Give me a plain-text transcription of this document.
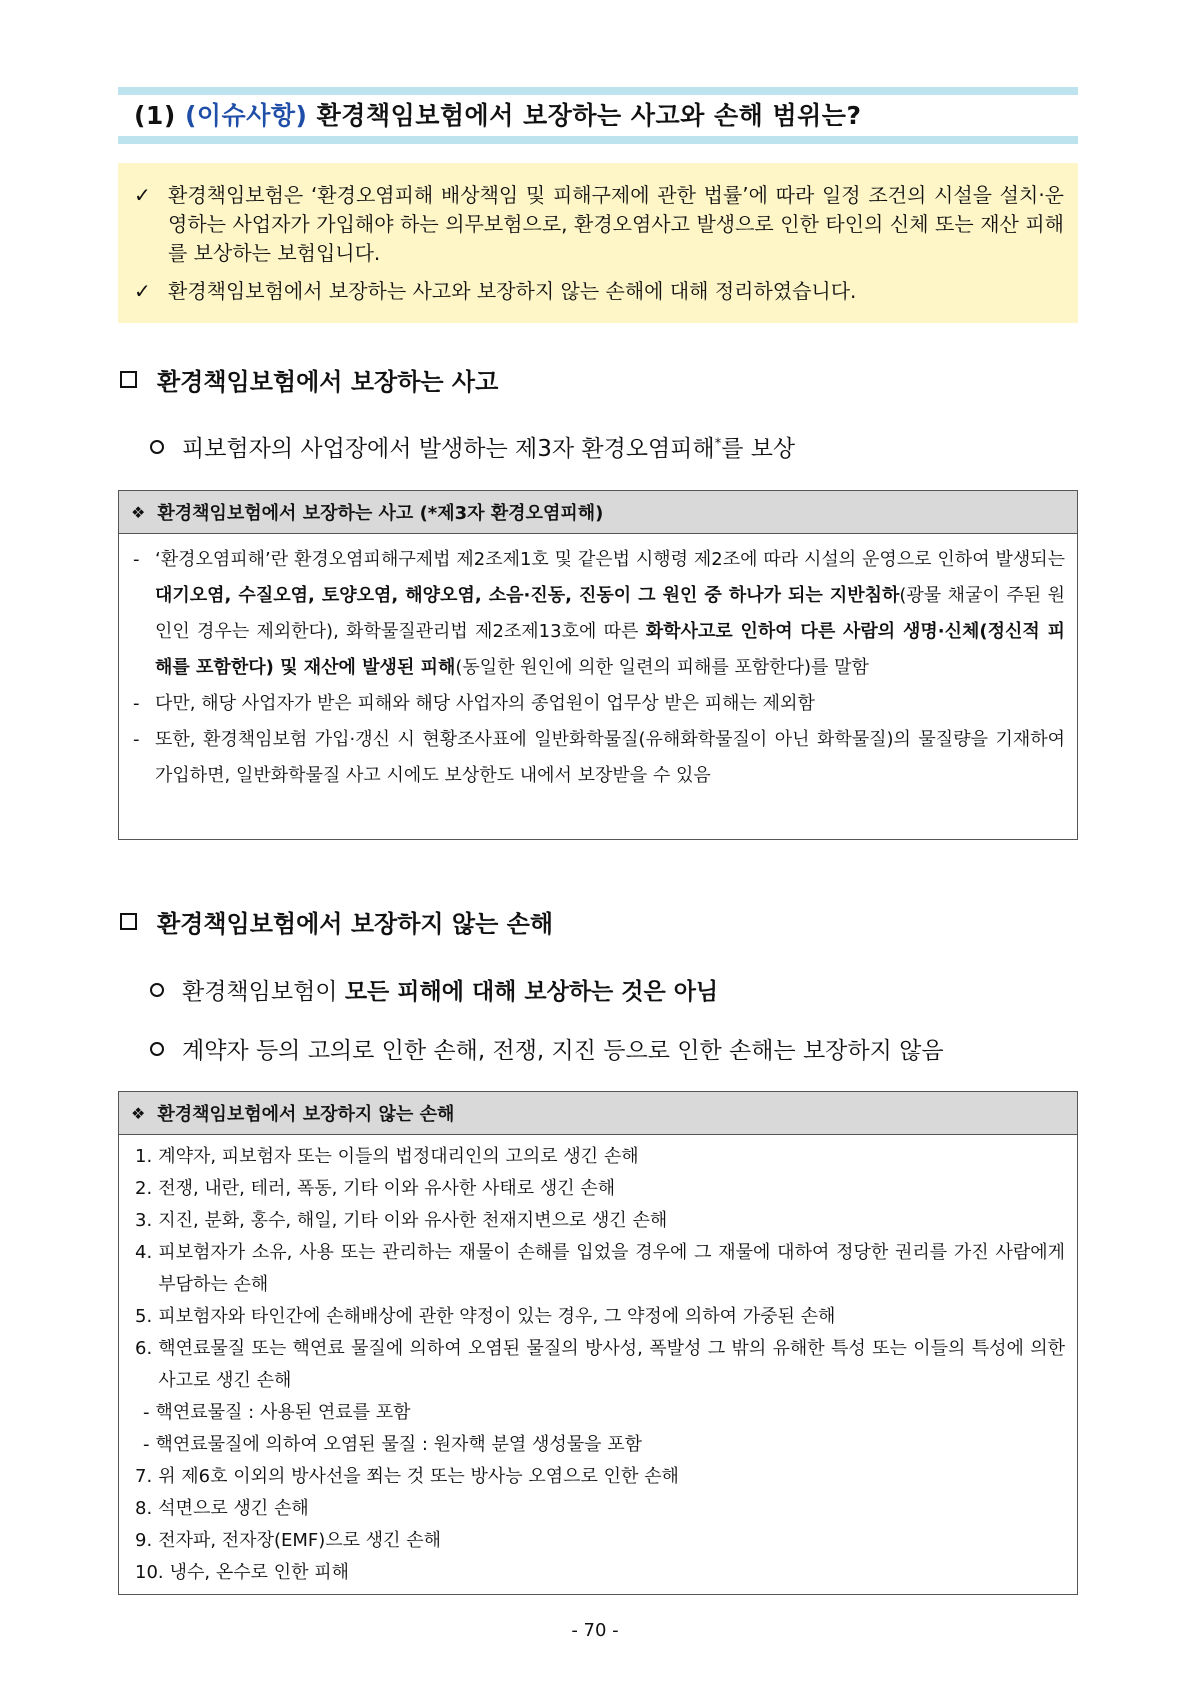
(1) (이슈사항) 환경책임보험에서 보장하는 사고와 손해 범위는?
✓ 환경책임보험은 ‘환경오염피해 배상책임 및 피해구제에 관한 법률’에 따라 일정 조건의 시설을 설치·운영하는 사업자가 가입해야 하는 의무보험으로, 환경오염사고 발생으로 인한 타인의 신체 또는 재산 피해를 보상하는 보험입니다.
✓ 환경책임보험에서 보장하는 사고와 보장하지 않는 손해에 대해 정리하였습니다.
환경책임보험에서 보장하는 사고
피보험자의 사업장에서 발생하는 제3자 환경오염피해*를 보상
❖ 환경책임보험에서 보장하는 사고 (*제3자 환경오염피해)
- ‘환경오염피해’란 환경오염피해구제법 제2조제1호 및 같은법 시행령 제2조에 따라 시설의 운영으로 인하여 발생되는 대기오염, 수질오염, 토양오염, 해양오염, 소음·진동, 진동이 그 원인 중 하나가 되는 지반침하(광물 채굴이 주된 원인인 경우는 제외한다), 화학물질관리법 제2조제13호에 따른 화학사고로 인하여 다른 사람의 생명·신체(정신적 피해를 포함한다) 및 재산에 발생된 피해(동일한 원인에 의한 일련의 피해를 포함한다)를 말함
- 다만, 해당 사업자가 받은 피해와 해당 사업자의 종업원이 업무상 받은 피해는 제외함
- 또한, 환경책임보험 가입·갱신 시 현황조사표에 일반화학물질(유해화학물질이 아닌 화학물질)의 물질량을 기재하여 가입하면, 일반화학물질 사고 시에도 보상한도 내에서 보장받을 수 있음
환경책임보험에서 보장하지 않는 손해
환경책임보험이 모든 피해에 대해 보상하는 것은 아님
계약자 등의 고의로 인한 손해, 전쟁, 지진 등으로 인한 손해는 보장하지 않음
❖ 환경책임보험에서 보장하지 않는 손해
1. 계약자, 피보험자 또는 이들의 법정대리인의 고의로 생긴 손해
2. 전쟁, 내란, 테러, 폭동, 기타 이와 유사한 사태로 생긴 손해
3. 지진, 분화, 홍수, 해일, 기타 이와 유사한 천재지변으로 생긴 손해
4. 피보험자가 소유, 사용 또는 관리하는 재물이 손해를 입었을 경우에 그 재물에 대하여 정당한 권리를 가진 사람에게 부담하는 손해
5. 피보험자와 타인간에 손해배상에 관한 약정이 있는 경우, 그 약정에 의하여 가중된 손해
6. 핵연료물질 또는 핵연료 물질에 의하여 오염된 물질의 방사성, 폭발성 그 밖의 유해한 특성 또는 이들의 특성에 의한 사고로 생긴 손해
- 핵연료물질 : 사용된 연료를 포함
- 핵연료물질에 의하여 오염된 물질 : 원자핵 분열 생성물을 포함
7. 위 제6호 이외의 방사선을 쬐는 것 또는 방사능 오염으로 인한 손해
8. 석면으로 생긴 손해
9. 전자파, 전자장(EMF)으로 생긴 손해
10. 냉수, 온수로 인한 피해
- 70 -
